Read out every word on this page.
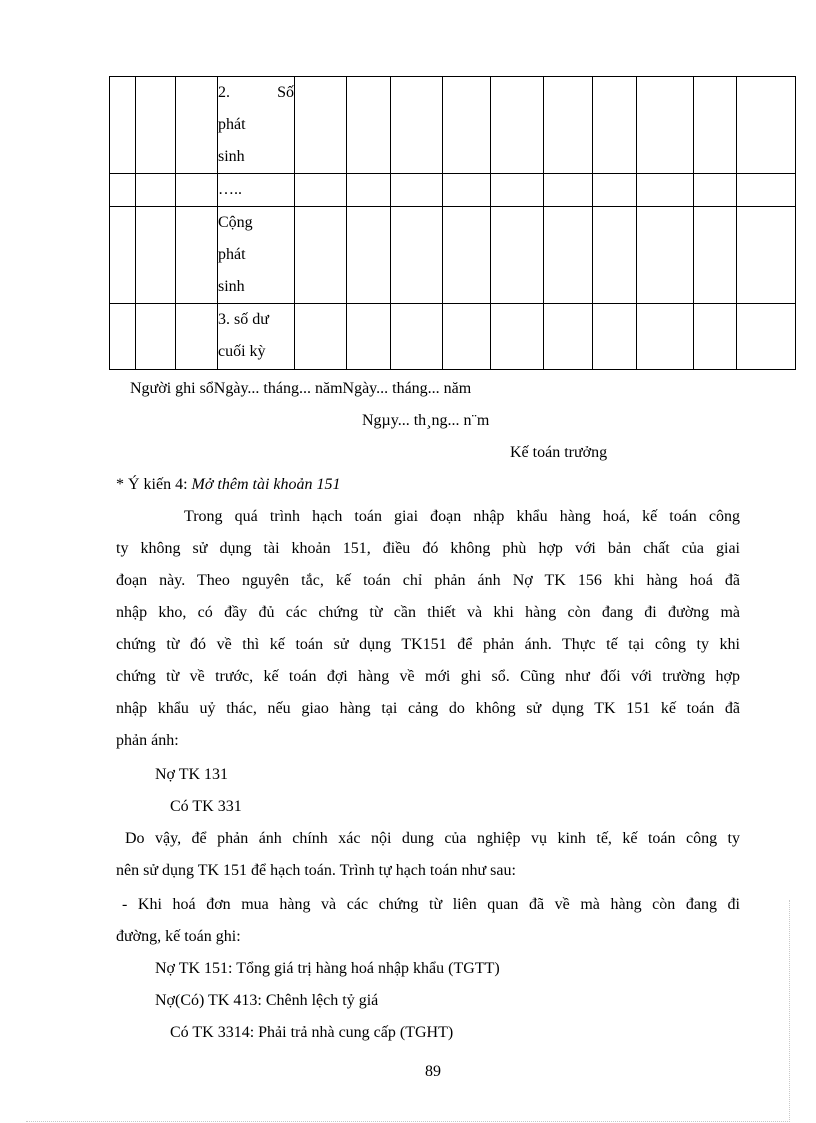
			2. Số
phát
sinh										

			…..										

			Cộng
phát
sinh										

			3. số dư
cuối kỳ										

Người ghi sổNgày... tháng... nămNgày... tháng... năm
Ngµy... th¸ng... n¨m
Kế toán trưởng
* Ý kiến 4: Mở thêm tài khoản 151
Trong quá trình hạch toán giai đoạn nhập khẩu hàng hoá, kế toán công
ty không sử dụng tài khoản 151, điều đó không phù hợp với bản chất của giai
đoạn này. Theo nguyên tắc, kế toán chỉ phản ánh Nợ TK 156 khi hàng hoá đã
nhập kho, có đầy đủ các chứng từ cần thiết và khi hàng còn đang đi đường mà
chứng từ đó về thì kế toán sử dụng TK151 để phản ánh. Thực tế tại công ty khi
chứng từ về trước, kế toán đợi hàng về mới ghi sổ. Cũng như đối với trường hợp
nhập khẩu uỷ thác, nếu giao hàng tại cảng do không sử dụng TK 151 kế toán đã
phản ánh:
Nợ TK 131
Có TK 331
Do vậy, để phản ánh chính xác nội dung của nghiệp vụ kinh tế, kế toán công ty
nên sử dụng TK 151 để hạch toán. Trình tự hạch toán như sau:
- Khi hoá đơn mua hàng và các chứng từ liên quan đã về mà hàng còn đang đi
đường, kế toán ghi:
Nợ TK 151: Tổng giá trị hàng hoá nhập khẩu (TGTT)
Nợ(Có) TK 413: Chênh lệch tỷ giá
Có TK 3314: Phải trả nhà cung cấp (TGHT)
89
